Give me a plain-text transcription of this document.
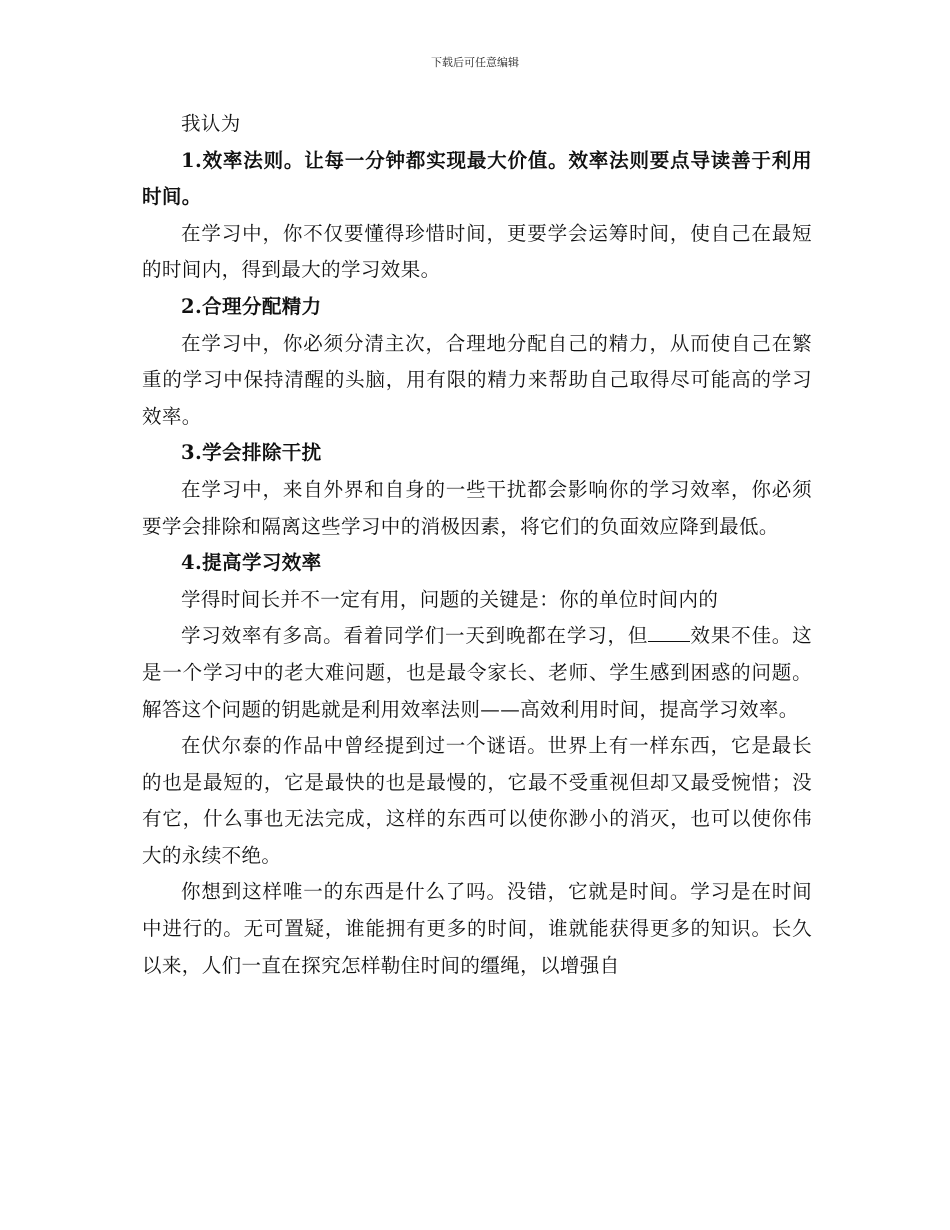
下载后可任意编辑

我认为

1.效率法则。让每一分钟都实现最大价值。效率法则要点导读善于利用时间。

在学习中，你不仅要懂得珍惜时间，更要学会运筹时间，使自己在最短的时间内，得到最大的学习效果。

2.合理分配精力

在学习中，你必须分清主次，合理地分配自己的精力，从而使自己在繁重的学习中保持清醒的头脑，用有限的精力来帮助自己取得尽可能高的学习效率。

3.学会排除干扰

在学习中，来自外界和自身的一些干扰都会影响你的学习效率，你必须要学会排除和隔离这些学习中的消极因素，将它们的负面效应降到最低。

4.提高学习效率

学得时间长并不一定有用，问题的关键是：你的单位时间内的

学习效率有多高。看着同学们一天到晚都在学习，但 效果不佳。这是一个学习中的老大难问题，也是最令家长、老师、学生感到困惑的问题。解答这个问题的钥匙就是利用效率法则——高效利用时间，提高学习效率。

在伏尔泰的作品中曾经提到过一个谜语。世界上有一样东西，它是最长的也是最短的，它是最快的也是最慢的，它最不受重视但却又最受惋惜；没有它，什么事也无法完成，这样的东西可以使你渺小的消灭，也可以使你伟大的永续不绝。

你想到这样唯一的东西是什么了吗。没错，它就是时间。学习是在时间中进行的。无可置疑，谁能拥有更多的时间，谁就能获得更多的知识。长久以来，人们一直在探究怎样勒住时间的缰绳，以增强自
